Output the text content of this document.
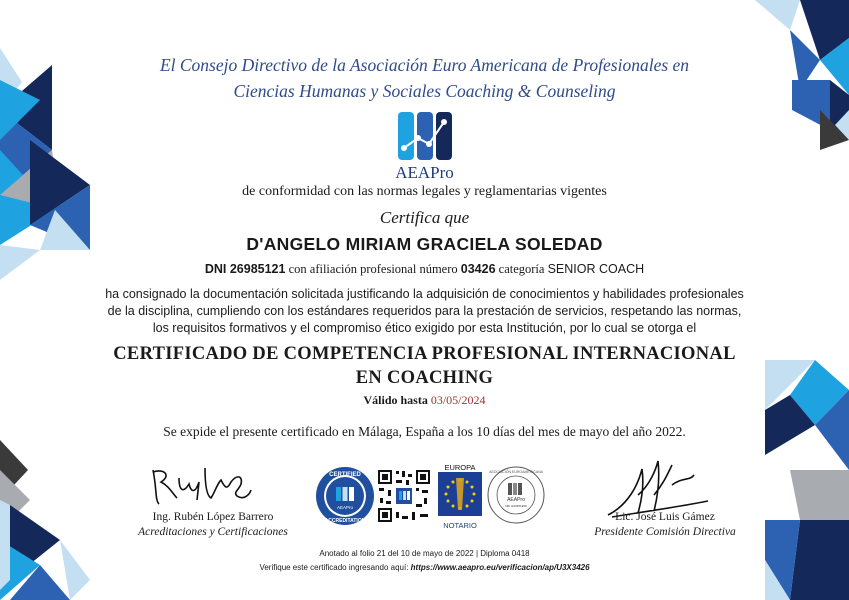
El Consejo Directivo de la Asociación Euro Americana de Profesionales en
Ciencias Humanas y Sociales Coaching & Counseling
AEAPro
de conformidad con las normas legales y reglamentarias vigentes
Certifica que
D'ANGELO MIRIAM GRACIELA SOLEDAD
DNI 26985121 con afiliación profesional número 03426 categoría SENIOR COACH
ha consignado la documentación solicitada justificando la adquisición de conocimientos y habilidades profesionales
de la disciplina, cumpliendo con los estándares requeridos para la prestación de servicios, respetando las normas,
los requisitos formativos y el compromiso ético exigido por esta Institución, por lo cual se otorga el
CERTIFICADO DE COMPETENCIA PROFESIONAL INTERNACIONAL
EN COACHING
Válido hasta 03/05/2024
Se expide el presente certificado en Málaga, España a los 10 días del mes de mayo del año 2022.
Ing. Rubén López Barrero
Acreditaciones y Certificaciones
Lic. José Luis Gámez
Presidente Comisión Directiva
CERTIFIED
ACCREDITATION
AEAPro
EUROPA
NOTARIO
AEAPro
NIF G93351956
ASOCIACIÓN EUROAMERICANA
Anotado al folio 21 del 10 de mayo de 2022 | Diploma 0418
Verifique este certificado ingresando aquí: https://www.aeapro.eu/verificacion/ap/U3X3426
